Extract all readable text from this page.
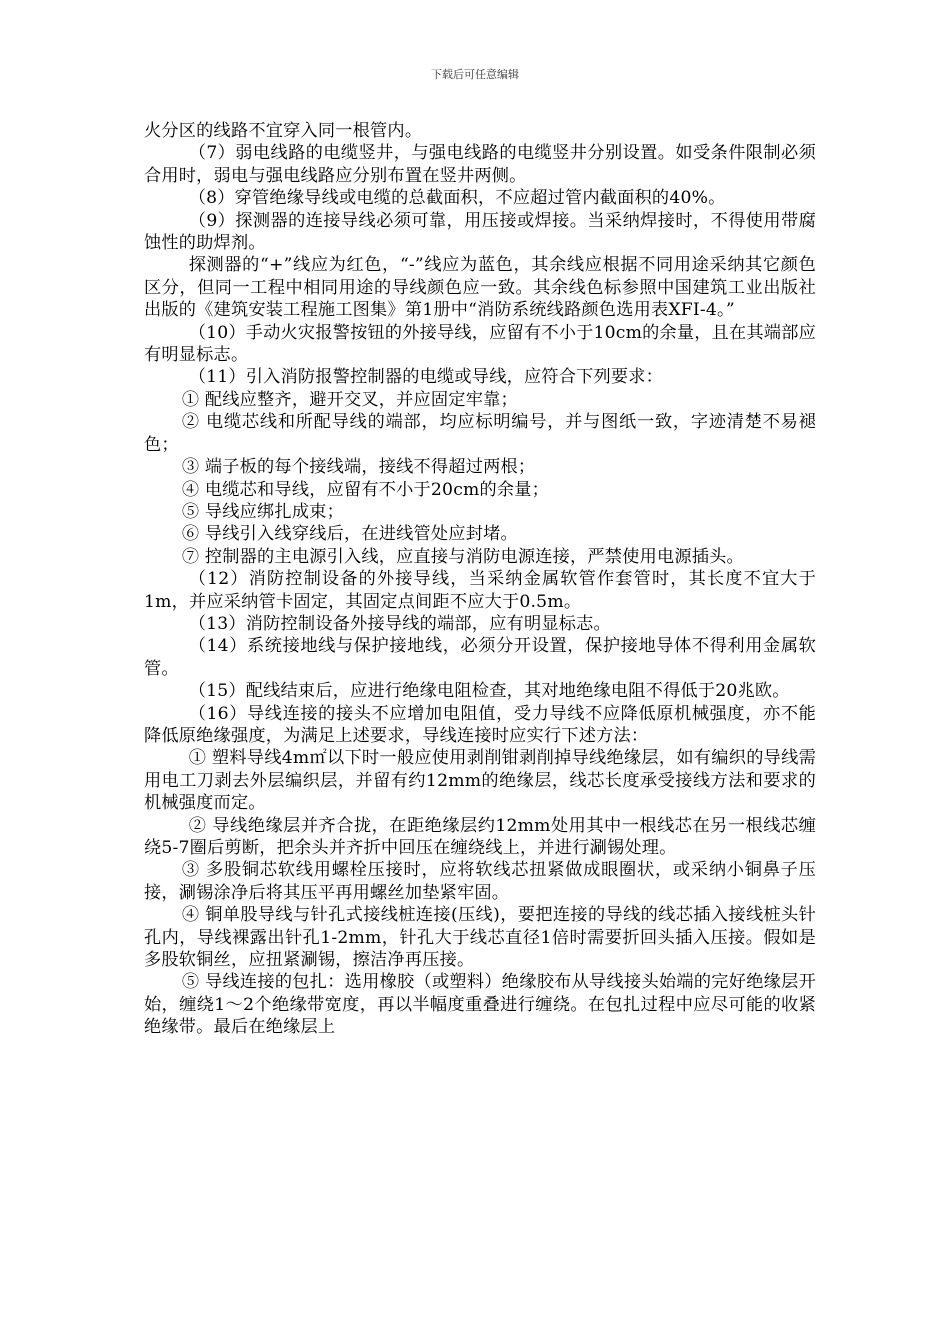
下载后可任意编辑

火分区的线路不宜穿入同一根管内。

（7）弱电线路的电缆竖井，与强电线路的电缆竖井分别设置。如受条件限制必须合用时，弱电与强电线路应分别布置在竖井两侧。

（8）穿管绝缘导线或电缆的总截面积，不应超过管内截面积的40%。

（9）探测器的连接导线必须可靠，用压接或焊接。当采纳焊接时，不得使用带腐蚀性的助焊剂。

探测器的“+”线应为红色，“-”线应为蓝色，其余线应根据不同用途采纳其它颜色区分，但同一工程中相同用途的导线颜色应一致。其余线色标参照中国建筑工业出版社出版的《建筑安装工程施工图集》第1册中“消防系统线路颜色选用表XFI-4。”

（10）手动火灾报警按钮的外接导线，应留有不小于10cm的余量，且在其端部应有明显标志。

（11）引入消防报警控制器的电缆或导线，应符合下列要求：

① 配线应整齐，避开交叉，并应固定牢靠；

② 电缆芯线和所配导线的端部，均应标明编号，并与图纸一致，字迹清楚不易褪色；

③ 端子板的每个接线端，接线不得超过两根；

④ 电缆芯和导线，应留有不小于20cm的余量；

⑤ 导线应绑扎成束；

⑥ 导线引入线穿线后，在进线管处应封堵。

⑦ 控制器的主电源引入线，应直接与消防电源连接，严禁使用电源插头。

（12）消防控制设备的外接导线，当采纳金属软管作套管时，其长度不宜大于1m，并应采纳管卡固定，其固定点间距不应大于0.5m。

（13）消防控制设备外接导线的端部，应有明显标志。

（14）系统接地线与保护接地线，必须分开设置，保护接地导体不得利用金属软管。

（15）配线结束后，应进行绝缘电阻检查，其对地绝缘电阻不得低于20兆欧。

（16）导线连接的接头不应增加电阻值，受力导线不应降低原机械强度，亦不能降低原绝缘强度，为满足上述要求，导线连接时应实行下述方法：

① 塑料导线4m㎡以下时一般应使用剥削钳剥削掉导线绝缘层，如有编织的导线需用电工刀剥去外层编织层，并留有约12mm的绝缘层，线芯长度承受接线方法和要求的机械强度而定。

② 导线绝缘层并齐合拢，在距绝缘层约12mm处用其中一根线芯在另一根线芯缠绕5-7圈后剪断，把余头并齐折中回压在缠绕线上，并进行涮锡处理。

③ 多股铜芯软线用螺栓压接时，应将软线芯扭紧做成眼圈状，或采纳小铜鼻子压接，涮锡涂净后将其压平再用螺丝加垫紧牢固。

④ 铜单股导线与针孔式接线桩连接(压线)，要把连接的导线的线芯插入接线桩头针孔内，导线裸露出针孔1-2mm，针孔大于线芯直径1倍时需要折回头插入压接。假如是多股软铜丝，应扭紧涮锡，擦洁净再压接。

⑤ 导线连接的包扎：选用橡胶（或塑料）绝缘胶布从导线接头始端的完好绝缘层开始，缠绕1～2个绝缘带宽度，再以半幅度重叠进行缠绕。在包扎过程中应尽可能的收紧绝缘带。最后在绝缘层上
